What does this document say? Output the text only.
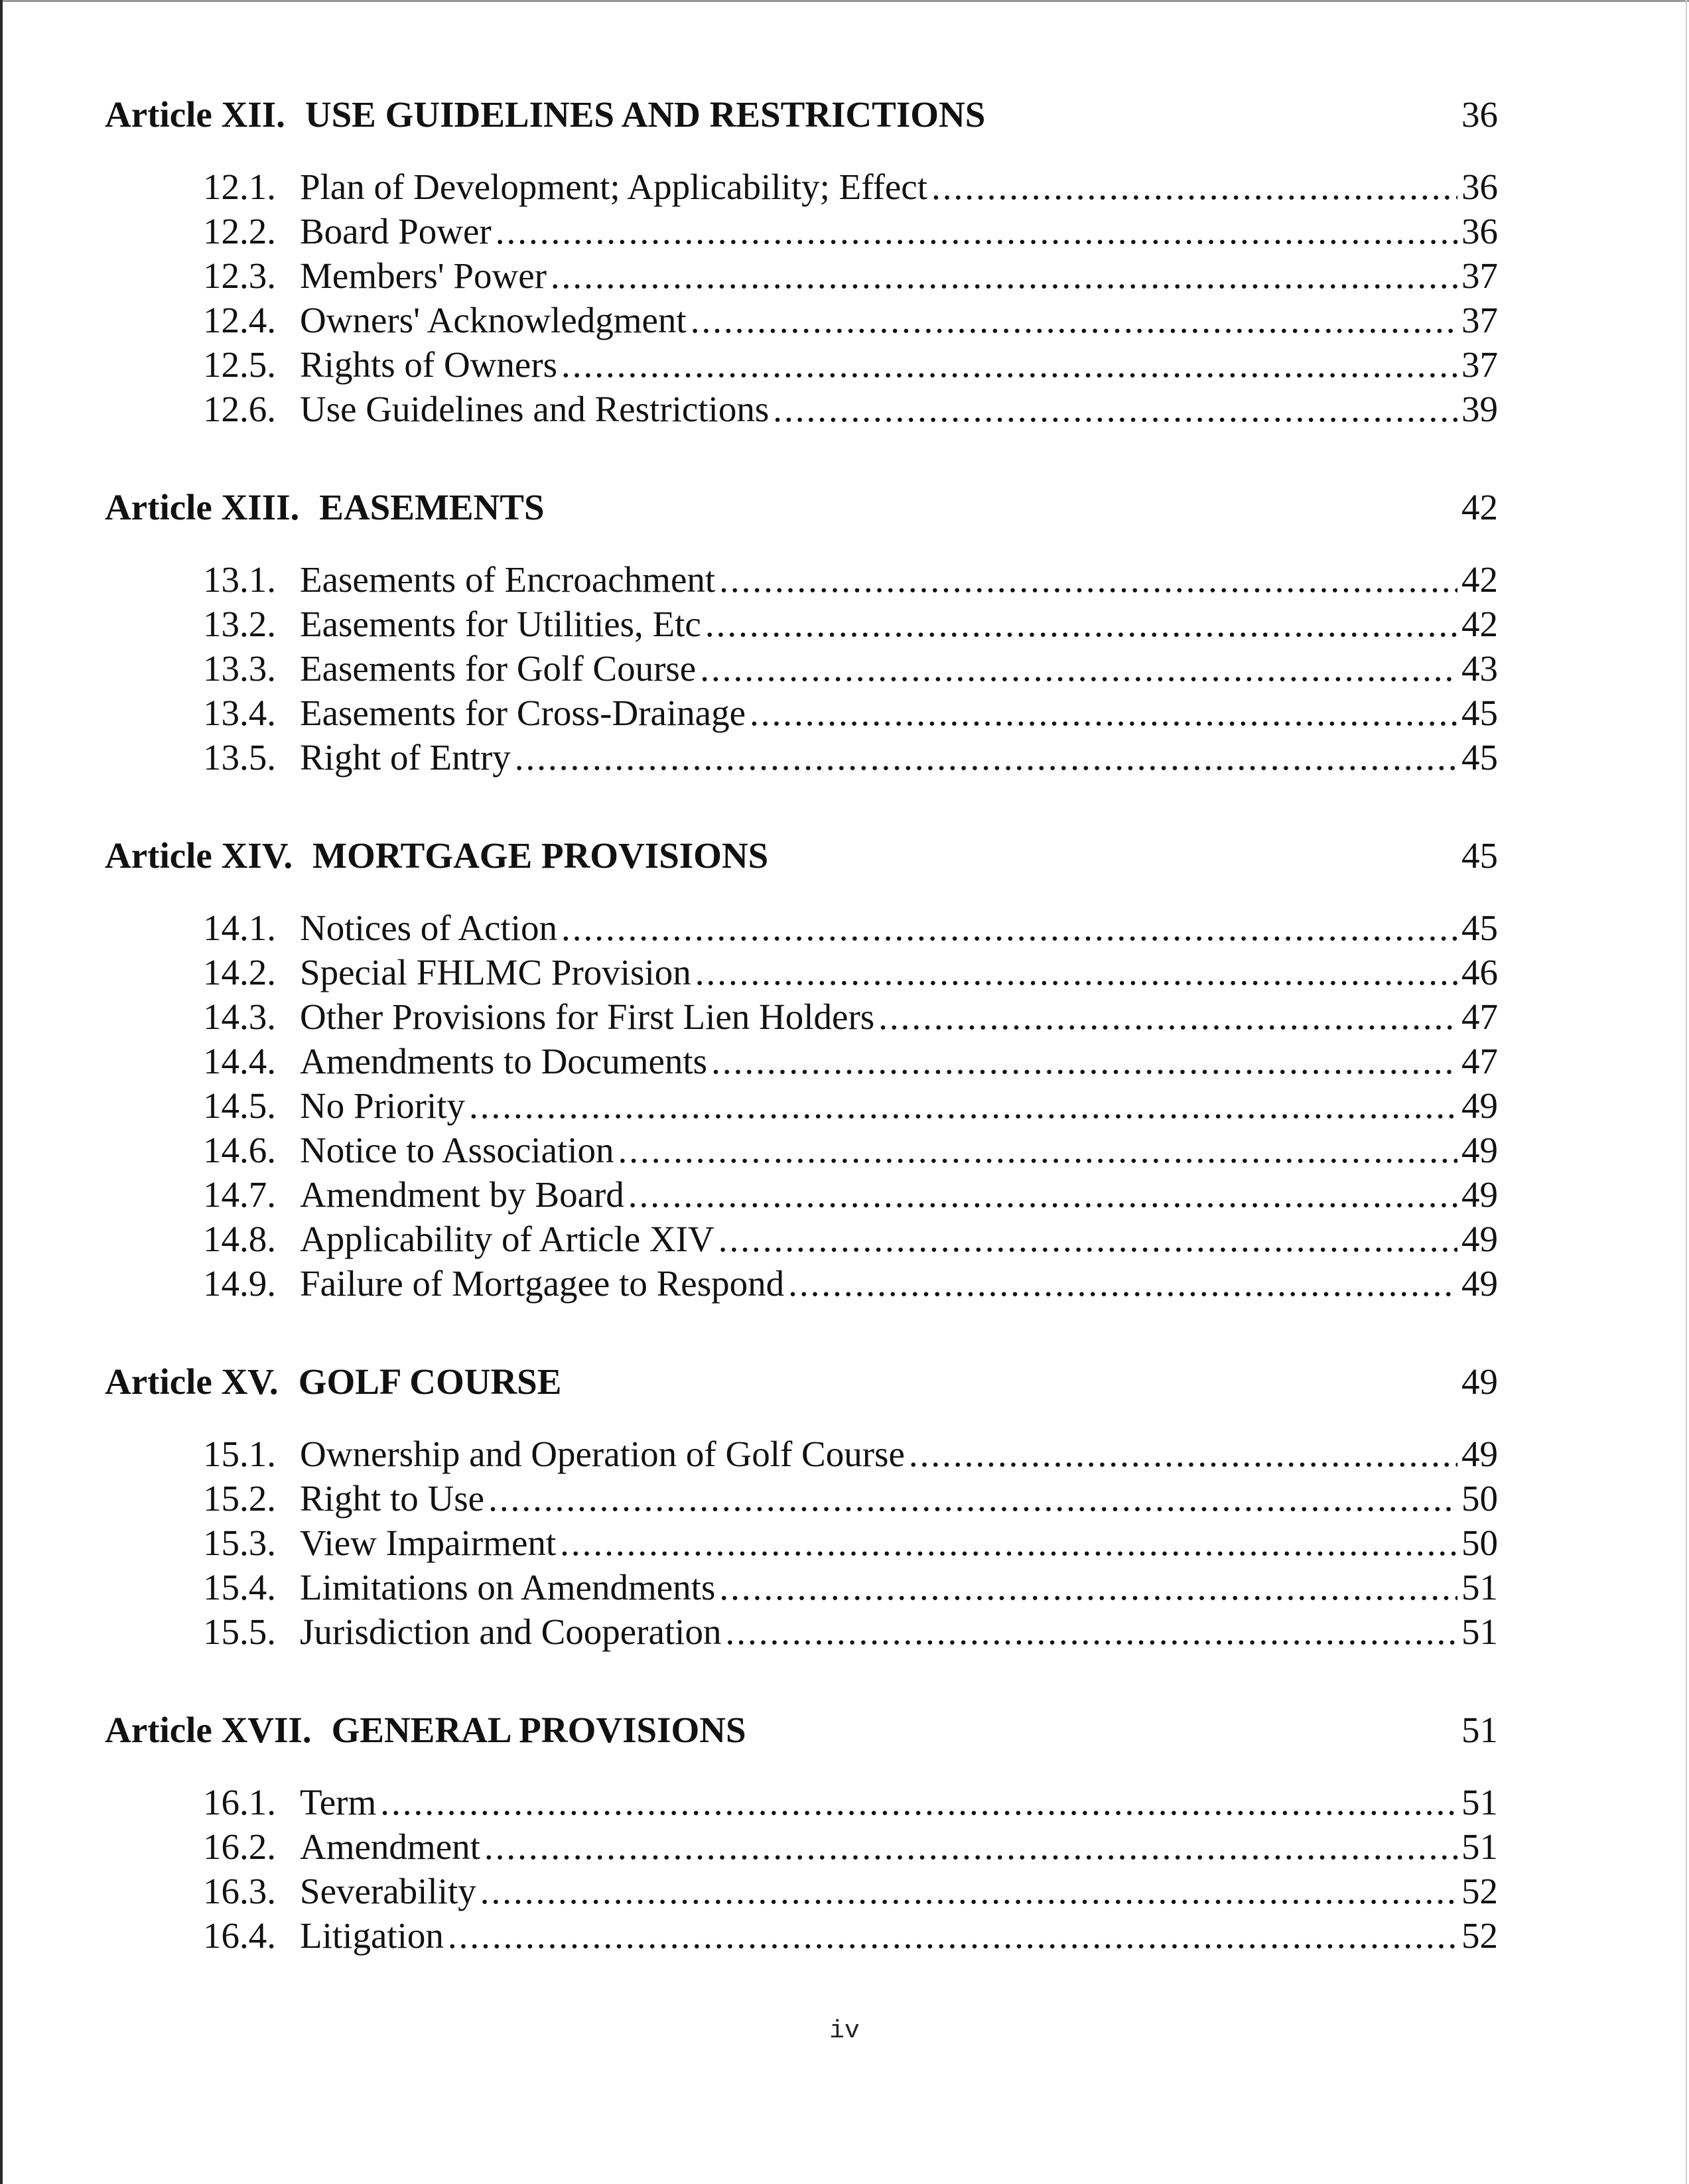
Article XII. USE GUIDELINES AND RESTRICTIONS	36
12.1. Plan of Development; Applicability; Effect .....	36
12.2. Board Power .....	36
12.3. Members' Power .....	37
12.4. Owners' Acknowledgment .....	37
12.5. Rights of Owners .....	37
12.6. Use Guidelines and Restrictions .....	39
Article XIII. EASEMENTS	42
13.1. Easements of Encroachment .....	42
13.2. Easements for Utilities, Etc .....	42
13.3. Easements for Golf Course .....	43
13.4. Easements for Cross-Drainage .....	45
13.5. Right of Entry .....	45
Article XIV. MORTGAGE PROVISIONS	45
14.1. Notices of Action .....	45
14.2. Special FHLMC Provision .....	46
14.3. Other Provisions for First Lien Holders .....	47
14.4. Amendments to Documents .....	47
14.5. No Priority .....	49
14.6. Notice to Association .....	49
14.7. Amendment by Board .....	49
14.8. Applicability of Article XIV .....	49
14.9. Failure of Mortgagee to Respond .....	49
Article XV. GOLF COURSE	49
15.1. Ownership and Operation of Golf Course .....	49
15.2. Right to Use .....	50
15.3. View Impairment .....	50
15.4. Limitations on Amendments .....	51
15.5. Jurisdiction and Cooperation .....	51
Article XVII. GENERAL PROVISIONS	51
16.1. Term .....	51
16.2. Amendment .....	51
16.3. Severability .....	52
16.4. Litigation .....	52
iv
